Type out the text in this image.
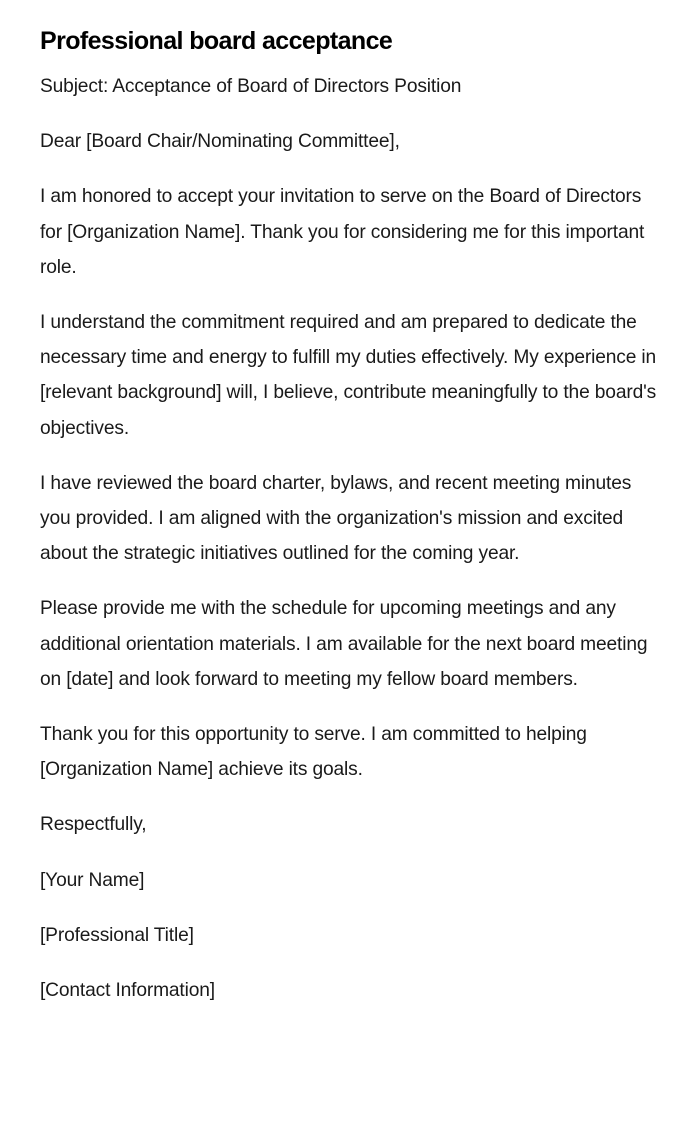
Professional board acceptance

Subject: Acceptance of Board of Directors Position

Dear [Board Chair/Nominating Committee],

I am honored to accept your invitation to serve on the Board of Directors for [Organization Name]. Thank you for considering me for this important role.

I understand the commitment required and am prepared to dedicate the necessary time and energy to fulfill my duties effectively. My experience in [relevant background] will, I believe, contribute meaningfully to the board's objectives.

I have reviewed the board charter, bylaws, and recent meeting minutes you provided. I am aligned with the organization's mission and excited about the strategic initiatives outlined for the coming year.

Please provide me with the schedule for upcoming meetings and any additional orientation materials. I am available for the next board meeting on [date] and look forward to meeting my fellow board members.

Thank you for this opportunity to serve. I am committed to helping [Organization Name] achieve its goals.

Respectfully,

[Your Name]

[Professional Title]

[Contact Information]
